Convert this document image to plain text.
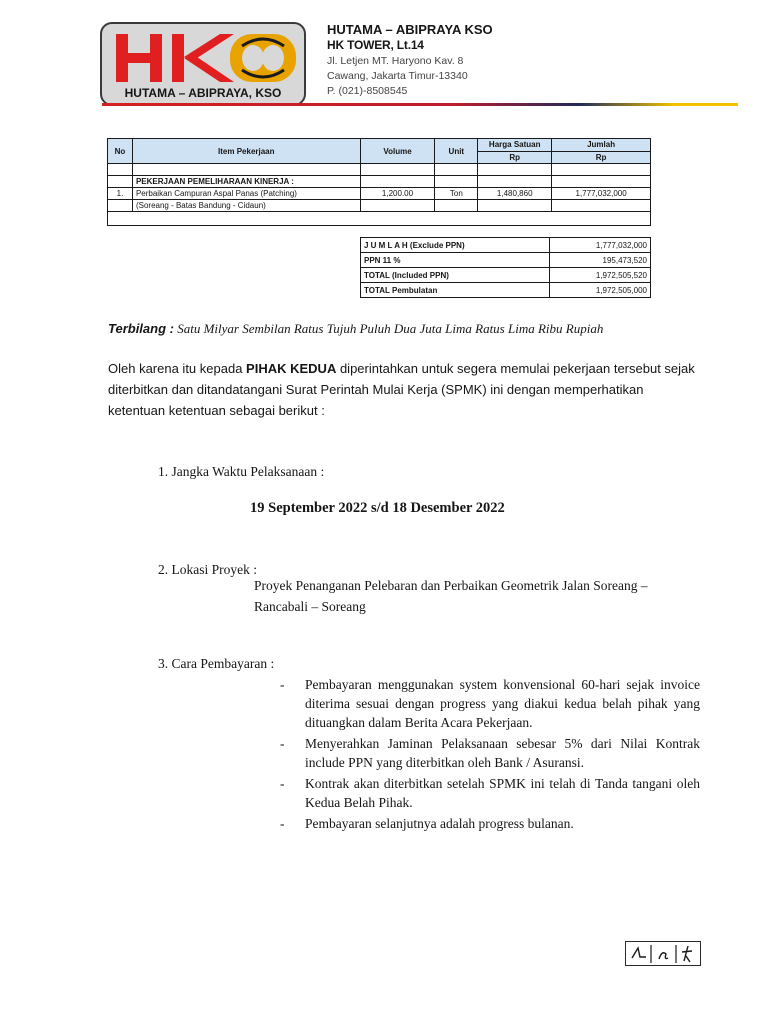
HUTAMA – ABIPRAYA, KSO
HUTAMA – ABIPRAYA KSO
HK TOWER, Lt.14
Jl. Letjen MT. Haryono Kav. 8
Cawang, Jakarta Timur-13340
P. (021)-8508545
No	Item Pekerjaan	Volume	Unit	Harga Satuan	Jumlah
				Rp	Rp

	PEKERJAAN PEMELIHARAAN KINERJA :				
1.	Perbaikan Campuran Aspal Panas (Patching)	1,200.00	Ton	1,480,860	1,777,032,000
	(Soreang - Batas Bandung - Cidaun)				

J U M L A H (Exclude PPN)	1,777,032,000
PPN 11 %	195,473,520
TOTAL (Included PPN)	1,972,505,520
TOTAL Pembulatan	1,972,505,000
Terbilang : Satu Milyar Sembilan Ratus Tujuh Puluh Dua Juta Lima Ratus Lima Ribu Rupiah
Oleh karena itu kepada PIHAK KEDUA diperintahkan untuk segera memulai pekerjaan tersebut sejak diterbitkan dan ditandatangani Surat Perintah Mulai Kerja (SPMK) ini dengan memperhatikan ketentuan ketentuan sebagai berikut :
1. Jangka Waktu Pelaksanaan :
19 September 2022 s/d 18 Desember 2022
2. Lokasi Proyek :
Proyek Penanganan Pelebaran dan Perbaikan Geometrik Jalan Soreang – Rancabali – Soreang
3. Cara Pembayaran :
- Pembayaran menggunakan system konvensional 60-hari sejak invoice diterima sesuai dengan progress yang diakui kedua belah pihak yang dituangkan dalam Berita Acara Pekerjaan.
- Menyerahkan Jaminan Pelaksanaan sebesar 5% dari Nilai Kontrak include PPN yang diterbitkan oleh Bank / Asuransi.
- Kontrak akan diterbitkan setelah SPMK ini telah di Tanda tangani oleh Kedua Belah Pihak.
- Pembayaran selanjutnya adalah progress bulanan.
